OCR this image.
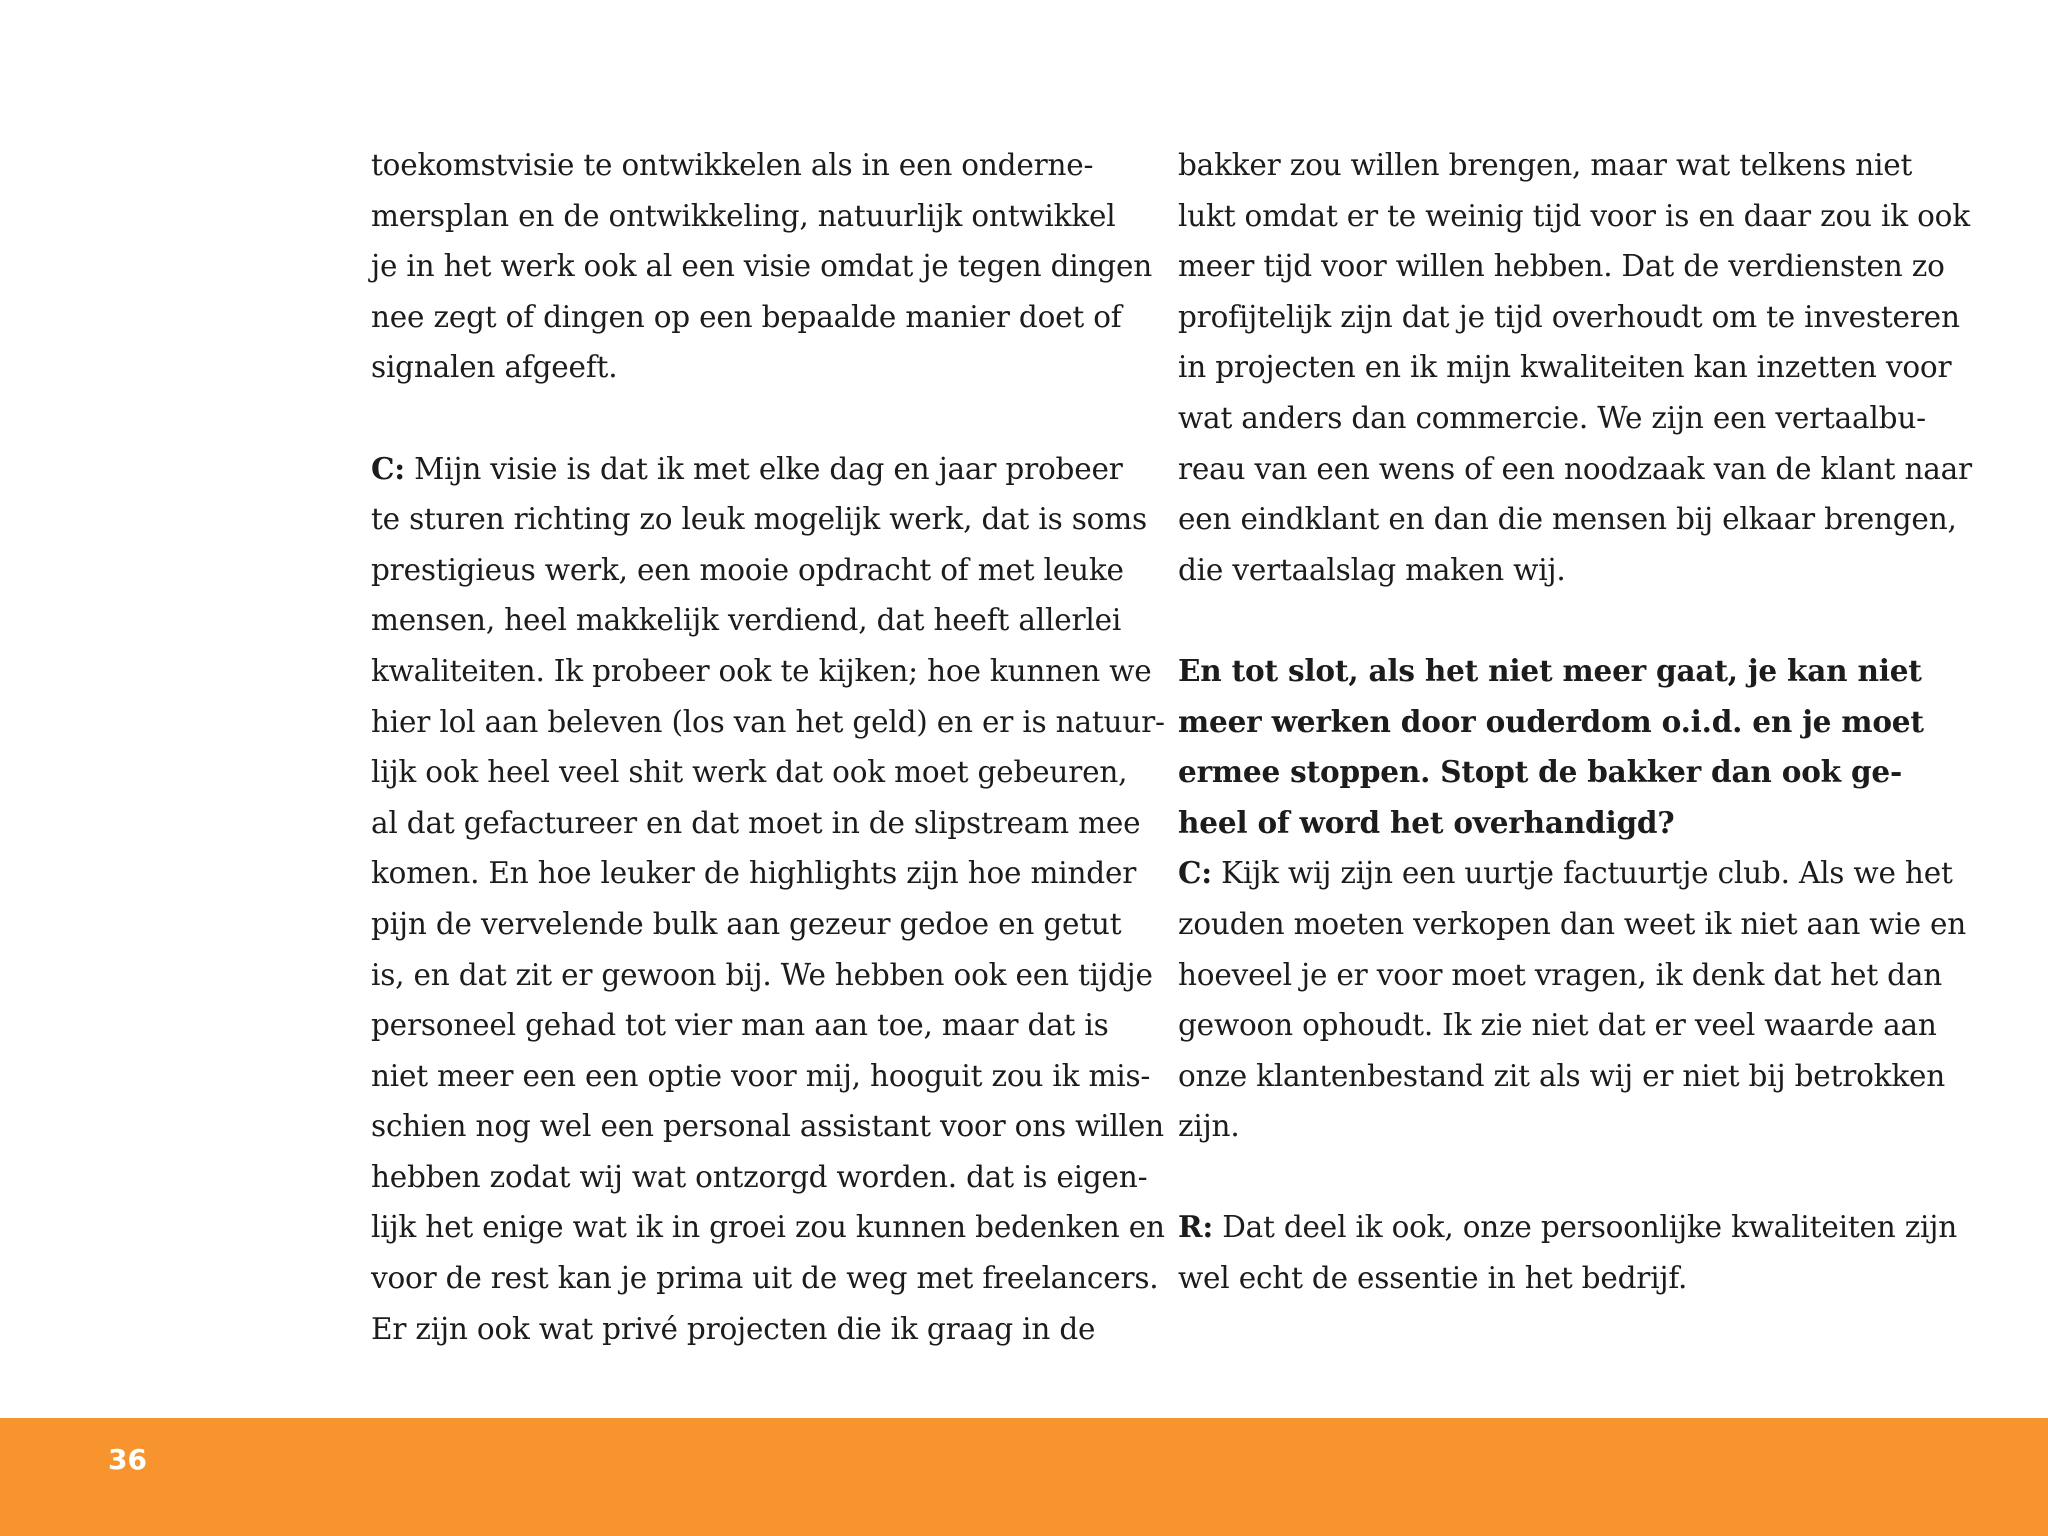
toekomstvisie te ontwikkelen als in een onderne-
mersplan en de ontwikkeling, natuurlijk ontwikkel
je in het werk ook al een visie omdat je tegen dingen
nee zegt of dingen op een bepaalde manier doet of
signalen afgeeft.
C: Mijn visie is dat ik met elke dag en jaar probeer
te sturen richting zo leuk mogelijk werk, dat is soms
prestigieus werk, een mooie opdracht of met leuke
mensen, heel makkelijk verdiend, dat heeft allerlei
kwaliteiten. Ik probeer ook te kijken; hoe kunnen we
hier lol aan beleven (los van het geld) en er is natuur-
lijk ook heel veel shit werk dat ook moet gebeuren,
al dat gefactureer en dat moet in de slipstream mee
komen. En hoe leuker de highlights zijn hoe minder
pijn de vervelende bulk aan gezeur gedoe en getut
is, en dat zit er gewoon bij. We hebben ook een tijdje
personeel gehad tot vier man aan toe, maar dat is
niet meer een een optie voor mij, hooguit zou ik mis-
schien nog wel een personal assistant voor ons willen
hebben zodat wij wat ontzorgd worden. dat is eigen-
lijk het enige wat ik in groei zou kunnen bedenken en
voor de rest kan je prima uit de weg met freelancers.
Er zijn ook wat privé projecten die ik graag in de
bakker zou willen brengen, maar wat telkens niet
lukt omdat er te weinig tijd voor is en daar zou ik ook
meer tijd voor willen hebben. Dat de verdiensten zo
profijtelijk zijn dat je tijd overhoudt om te investeren
in projecten en ik mijn kwaliteiten kan inzetten voor
wat anders dan commercie. We zijn een vertaalbu-
reau van een wens of een noodzaak van de klant naar
een eindklant en dan die mensen bij elkaar brengen,
die vertaalslag maken wij.
En tot slot, als het niet meer gaat, je kan niet
meer werken door ouderdom o.i.d. en je moet
ermee stoppen. Stopt de bakker dan ook ge-
heel of word het overhandigd?
C: Kijk wij zijn een uurtje factuurtje club. Als we het
zouden moeten verkopen dan weet ik niet aan wie en
hoeveel je er voor moet vragen, ik denk dat het dan
gewoon ophoudt. Ik zie niet dat er veel waarde aan
onze klantenbestand zit als wij er niet bij betrokken
zijn.
R: Dat deel ik ook, onze persoonlijke kwaliteiten zijn
wel echt de essentie in het bedrijf.
36
